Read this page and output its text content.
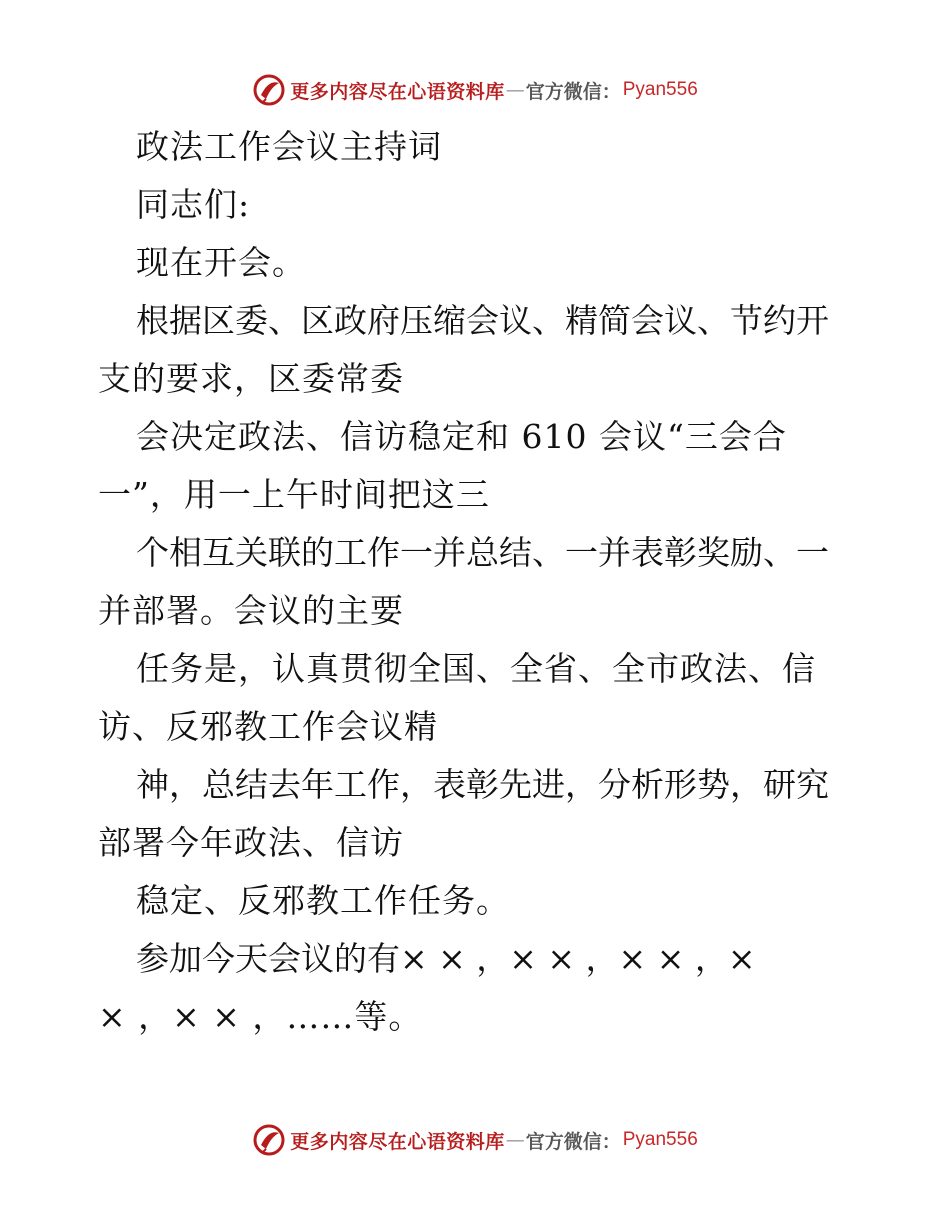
更多内容尽在心语资料库 — 官方微信： Pyan556
政法工作会议主持词
同志们:
现在开会。
根据区委、区政府压缩会议、精简会议、节约开
支的要求，区委常委
会决定政法、信访稳定和 610 会议“三会合
一”，用一上午时间把这三
个相互关联的工作一并总结、一并表彰奖励、一
并部署。会议的主要
任务是，认真贯彻全国、全省、全市政法、信
访、反邪教工作会议精
神，总结去年工作，表彰先进，分析形势，研究
部署今年政法、信访
稳定、反邪教工作任务。
参加今天会议的有× × ，× × ，× × ，×
× ，× × ，……等。
更多内容尽在心语资料库 — 官方微信： Pyan556
